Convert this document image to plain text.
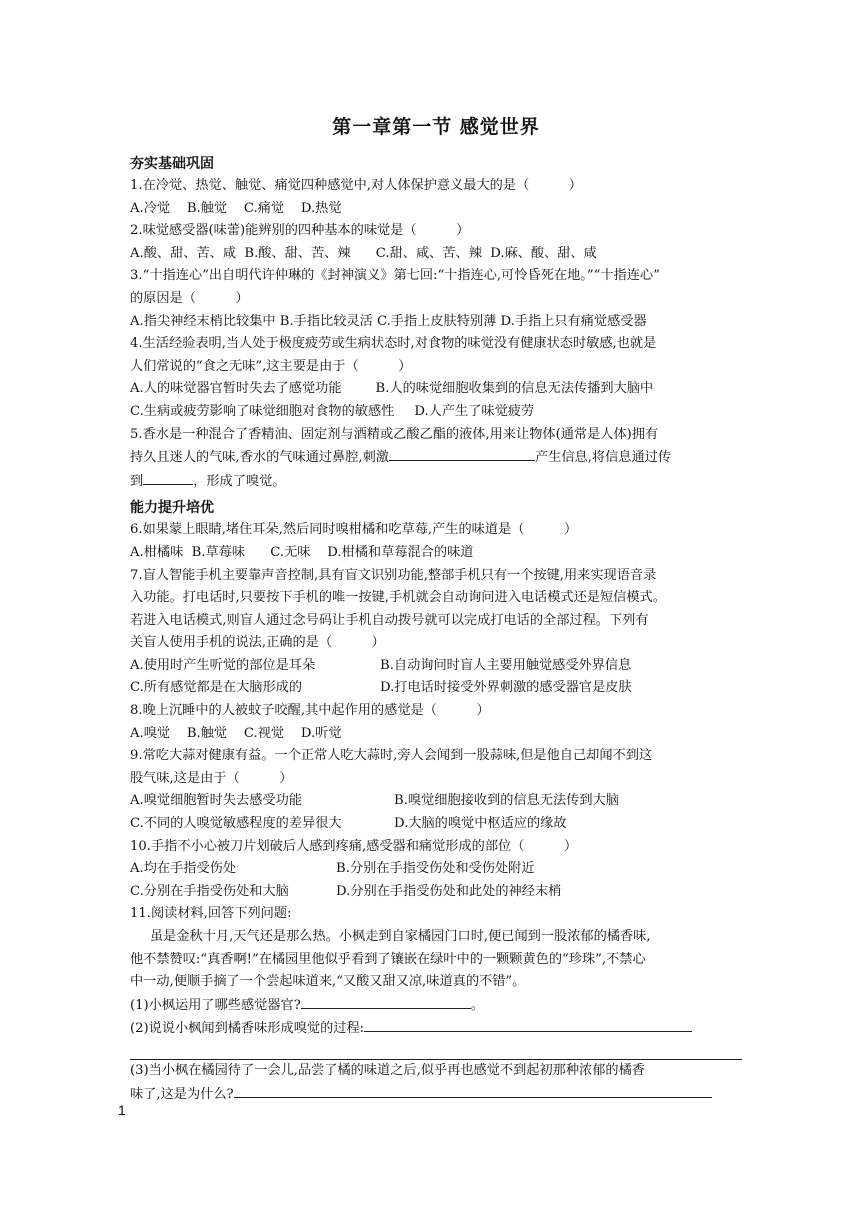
第一章第一节 感觉世界
夯实基础巩固
1.在冷觉、热觉、触觉、痛觉四种感觉中,对人体保护意义最大的是（　　　）
A.冷觉    B.触觉    C.痛觉    D.热觉
2.味觉感受器(味蕾)能辨别的四种基本的味觉是（　　　）
A.酸、甜、苦、咸  B.酸、甜、苦、辣      C.甜、咸、苦、辣  D.麻、酸、甜、咸
3.“十指连心”出自明代许仲琳的《封神演义》第七回:“十指连心,可怜昏死在地。”“十指连心”
的原因是（　　　）
A.指尖神经末梢比较集中 B.手指比较灵活 C.手指上皮肤特别薄 D.手指上只有痛觉感受器
4.生活经验表明,当人处于极度疲劳或生病状态时,对食物的味觉没有健康状态时敏感,也就是
人们常说的“食之无味”,这主要是由于（　　　）
A.人的味觉器官暂时失去了感觉功能	B.人的味觉细胞收集到的信息无法传播到大脑中
C.生病或疲劳影响了味觉细胞对食物的敏感性 D.人产生了味觉疲劳
5.香水是一种混合了香精油、固定剂与酒精或乙酸乙酯的液体,用来让物体(通常是人体)拥有
持久且迷人的气味,香水的气味通过鼻腔,刺激	产生信息,将信息通过传
到	，形成了嗅觉。
能力提升培优
6.如果蒙上眼睛,堵住耳朵,然后同时嗅柑橘和吃草莓,产生的味道是（　　　）
A.柑橘味  B.草莓味      C.无味    D.柑橘和草莓混合的味道
7.盲人智能手机主要靠声音控制,具有盲文识别功能,整部手机只有一个按键,用来实现语音录
入功能。打电话时,只要按下手机的唯一按键,手机就会自动询问进入电话模式还是短信模式。
若进入电话模式,则盲人通过念号码让手机自动拨号就可以完成打电话的全部过程。下列有
关盲人使用手机的说法,正确的是（　　　）
A.使用时产生听觉的部位是耳朵	B.自动询问时盲人主要用触觉感受外界信息
C.所有感觉都是在大脑形成的	D.打电话时接受外界刺激的感受器官是皮肤
8.晚上沉睡中的人被蚊子咬醒,其中起作用的感觉是（　　　）
A.嗅觉    B.触觉    C.视觉    D.听觉
9.常吃大蒜对健康有益。一个正常人吃大蒜时,旁人会闻到一股蒜味,但是他自己却闻不到这
股气味,这是由于（　　　）
A.嗅觉细胞暂时失去感受功能	B.嗅觉细胞接收到的信息无法传到大脑
C.不同的人嗅觉敏感程度的差异很大	D.大脑的嗅觉中枢适应的缘故
10.手指不小心被刀片划破后人感到疼痛,感受器和痛觉形成的部位（　　　）
A.均在手指受伤处	B.分别在手指受伤处和受伤处附近
C.分别在手指受伤处和大脑	D.分别在手指受伤处和此处的神经末梢
11.阅读材料,回答下列问题:
虽是金秋十月,天气还是那么热。小枫走到自家橘园门口时,便已闻到一股浓郁的橘香味,
他不禁赞叹:“真香啊!”在橘园里他似乎看到了镶嵌在绿叶中的一颗颗黄色的“珍珠”,不禁心
中一动,便顺手摘了一个尝起味道来,“又酸又甜又凉,味道真的不错”。
(1)小枫运用了哪些感觉器官?	。
(2)说说小枫闻到橘香味形成嗅觉的过程:
(3)当小枫在橘园待了一会儿,品尝了橘的味道之后,似乎再也感觉不到起初那种浓郁的橘香
味了,这是为什么?
1
